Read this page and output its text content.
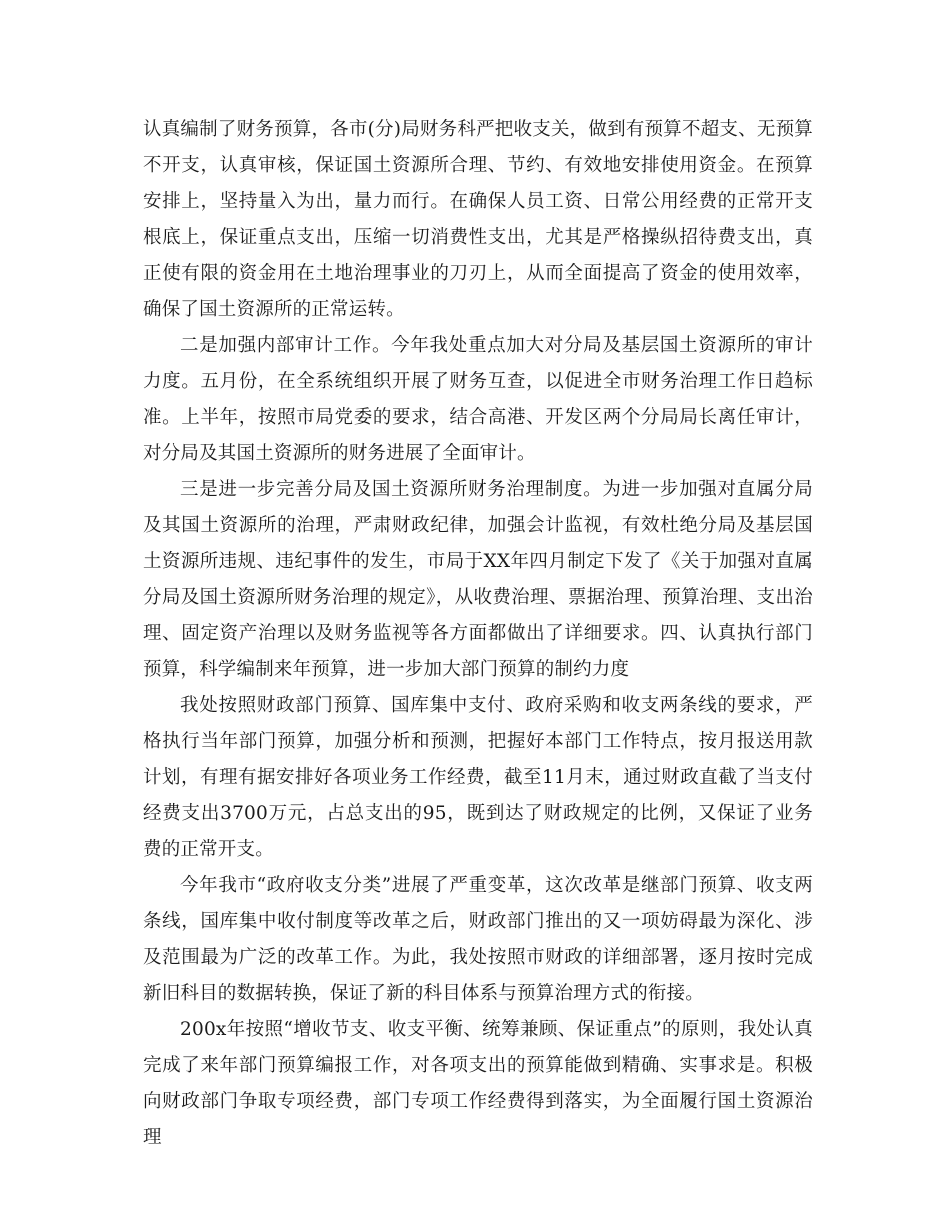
认真编制了财务预算，各市(分)局财务科严把收支关，做到有预算不超支、无预算不开支，认真审核，保证国土资源所合理、节约、有效地安排使用资金。在预算安排上，坚持量入为出，量力而行。在确保人员工资、日常公用经费的正常开支根底上，保证重点支出，压缩一切消费性支出，尤其是严格操纵招待费支出，真正使有限的资金用在土地治理事业的刀刃上，从而全面提高了资金的使用效率，确保了国土资源所的正常运转。

二是加强内部审计工作。今年我处重点加大对分局及基层国土资源所的审计力度。五月份，在全系统组织开展了财务互查，以促进全市财务治理工作日趋标准。上半年，按照市局党委的要求，结合高港、开发区两个分局局长离任审计，对分局及其国土资源所的财务进展了全面审计。

三是进一步完善分局及国土资源所财务治理制度。为进一步加强对直属分局及其国土资源所的治理，严肃财政纪律，加强会计监视，有效杜绝分局及基层国土资源所违规、违纪事件的发生，市局于XX年四月制定下发了《关于加强对直属分局及国土资源所财务治理的规定》，从收费治理、票据治理、预算治理、支出治理、固定资产治理以及财务监视等各方面都做出了详细要求。四、认真执行部门预算，科学编制来年预算，进一步加大部门预算的制约力度

我处按照财政部门预算、国库集中支付、政府采购和收支两条线的要求，严格执行当年部门预算，加强分析和预测，把握好本部门工作特点，按月报送用款计划，有理有据安排好各项业务工作经费，截至11月末，通过财政直截了当支付经费支出3700万元，占总支出的95，既到达了财政规定的比例，又保证了业务费的正常开支。

今年我市“政府收支分类”进展了严重变革，这次改革是继部门预算、收支两条线，国库集中收付制度等改革之后，财政部门推出的又一项妨碍最为深化、涉及范围最为广泛的改革工作。为此，我处按照市财政的详细部署，逐月按时完成新旧科目的数据转换，保证了新的科目体系与预算治理方式的衔接。

200x年按照“增收节支、收支平衡、统筹兼顾、保证重点”的原则，我处认真完成了来年部门预算编报工作，对各项支出的预算能做到精确、实事求是。积极向财政部门争取专项经费，部门专项工作经费得到落实，为全面履行国土资源治理
